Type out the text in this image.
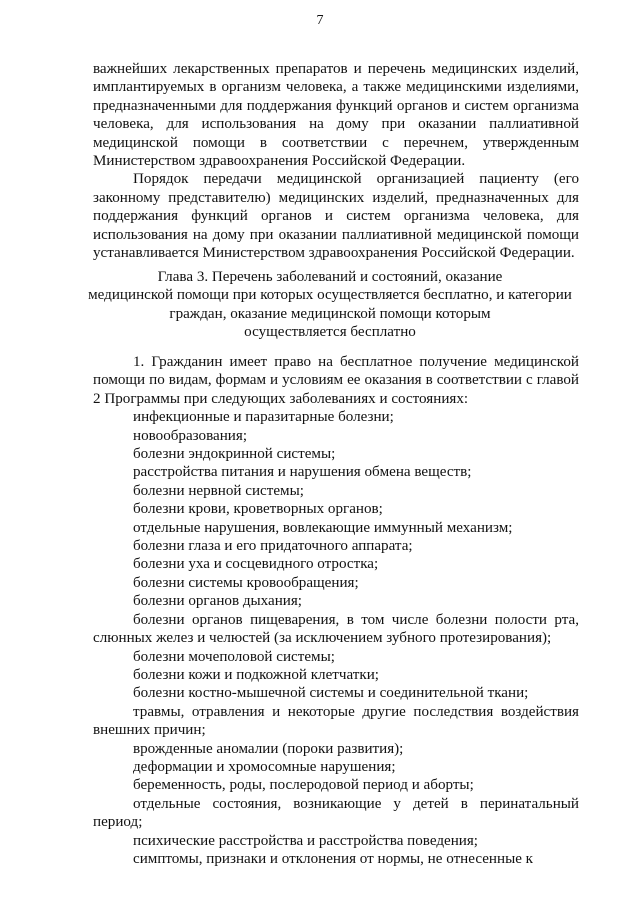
7

важнейших лекарственных препаратов и перечень медицинских изделий, имплантируемых в организм человека, а также медицинскими изделиями, предназначенными для поддержания функций органов и систем организма человека, для использования на дому при оказании паллиативной медицинской помощи в соответствии с перечнем, утвержденным Министерством здравоохранения Российской Федерации.

Порядок передачи медицинской организацией пациенту (его законному представителю) медицинских изделий, предназначенных для поддержания функций органов и систем организма человека, для использования на дому при оказании паллиативной медицинской помощи устанавливается Министерством здравоохранения Российской Федерации.

Глава 3. Перечень заболеваний и состояний, оказание
медицинской помощи при которых осуществляется бесплатно, и категории
граждан, оказание медицинской помощи которым
осуществляется бесплатно

1. Гражданин имеет право на бесплатное получение медицинской помощи по видам, формам и условиям ее оказания в соответствии с главой 2 Программы при следующих заболеваниях и состояниях:

инфекционные и паразитарные болезни;

новообразования;

болезни эндокринной системы;

расстройства питания и нарушения обмена веществ;

болезни нервной системы;

болезни крови, кроветворных органов;

отдельные нарушения, вовлекающие иммунный механизм;

болезни глаза и его придаточного аппарата;

болезни уха и сосцевидного отростка;

болезни системы кровообращения;

болезни органов дыхания;

болезни органов пищеварения, в том числе болезни полости рта, слюнных желез и челюстей (за исключением зубного протезирования);

болезни мочеполовой системы;

болезни кожи и подкожной клетчатки;

болезни костно-мышечной системы и соединительной ткани;

травмы, отравления и некоторые другие последствия воздействия внешних причин;

врожденные аномалии (пороки развития);

деформации и хромосомные нарушения;

беременность, роды, послеродовой период и аборты;

отдельные состояния, возникающие у детей в перинатальный период;

психические расстройства и расстройства поведения;

симптомы, признаки и отклонения от нормы, не отнесенные к
